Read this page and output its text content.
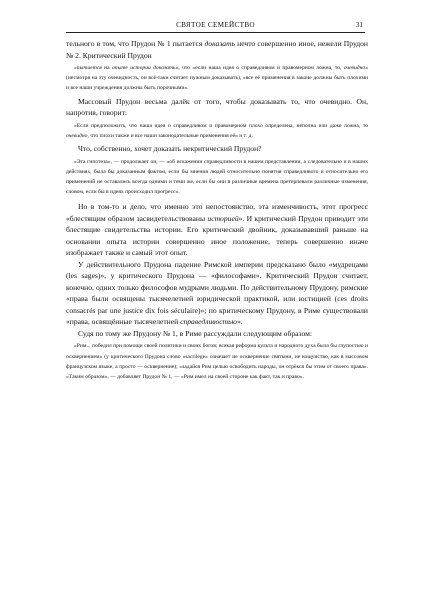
СВЯТОЕ СЕМЕЙСТВО	31

тельного в том, что Прудон № 1 пытается доказать нечто совершенно иное, нежели Прудон № 2. Критический Прудон

«пытается на опыте истории доказать», что «если наша идея о справедливом и правомерном ложна, то, очевидно» (несмотря на эту очевидность, он всё-таки считает нужным доказывать), «все её применения в законе должны быть плохими и все наши учреждения должны быть порочными».

Массовый Прудон весьма далёк от того, чтобы доказывать то, что очевидно. Он, напротив, говорит:

«Если предположить, что наша идея о справедливом и правомерном плохо определена, неполна или даже ложна, то очевидно, что плохи также и все наши законодательные применения её» и т. д.

Что, собственно, хочет доказать некритический Прудон?

«Эта гипотеза», — продолжает он, — «об искажении справедливости в нашем представлении, а следовательно и в наших действиях, была бы доказанным фактом, если бы мнения людей относительно понятия справедливого и относительно его применений не оставались всегда одними и теми же, если бы они в различные времена претерпевали различные изменения, словом, если бы в идеях происходил прогресс».

Но в том-то и дело, что именно это непостоянство, эта изменчивость, этот прогресс «блестящим образом засвидетельствованы историей». И критический Прудон приводит эти блестящие свидетельства истории. Его критический двойник, доказывавший раньше на основании опыта истории совершенно иное положение, теперь совершенно иначе изображает также и самый этот опыт.

У действительного Прудона падение Римской империи предсказано было «мудрецами (les sages)», у критического Прудона — «философами». Критический Прудон считает, конечно, одних только философов мудрыми людьми. По действительному Прудону, римские «права были освящены тысячелетней юридической практикой, или юстицией (ces droits consacrés par une justice dix fois séculaire)»; по критическому Прудону, в Риме существовали «права, освящённые тысячелетней справедливостью».

Судя по тому же Прудону № 1, в Риме рассуждали следующим образом:

«Рим... победил при помощи своей политики и своих богов; всякая реформа культа и народного духа была бы глупостью и осквернением» (у критического Прудона слово «sacrilège» означает не осквернение святыни, не кощунство, как в массовом французском языке, а просто — осквернение); «задайся Рим целью освободить народы, он отрёкся бы этим от своего права». «Таким образом», — добавляет Прудон № 1, — «Рим имел на своей стороне как факт, так и право».
